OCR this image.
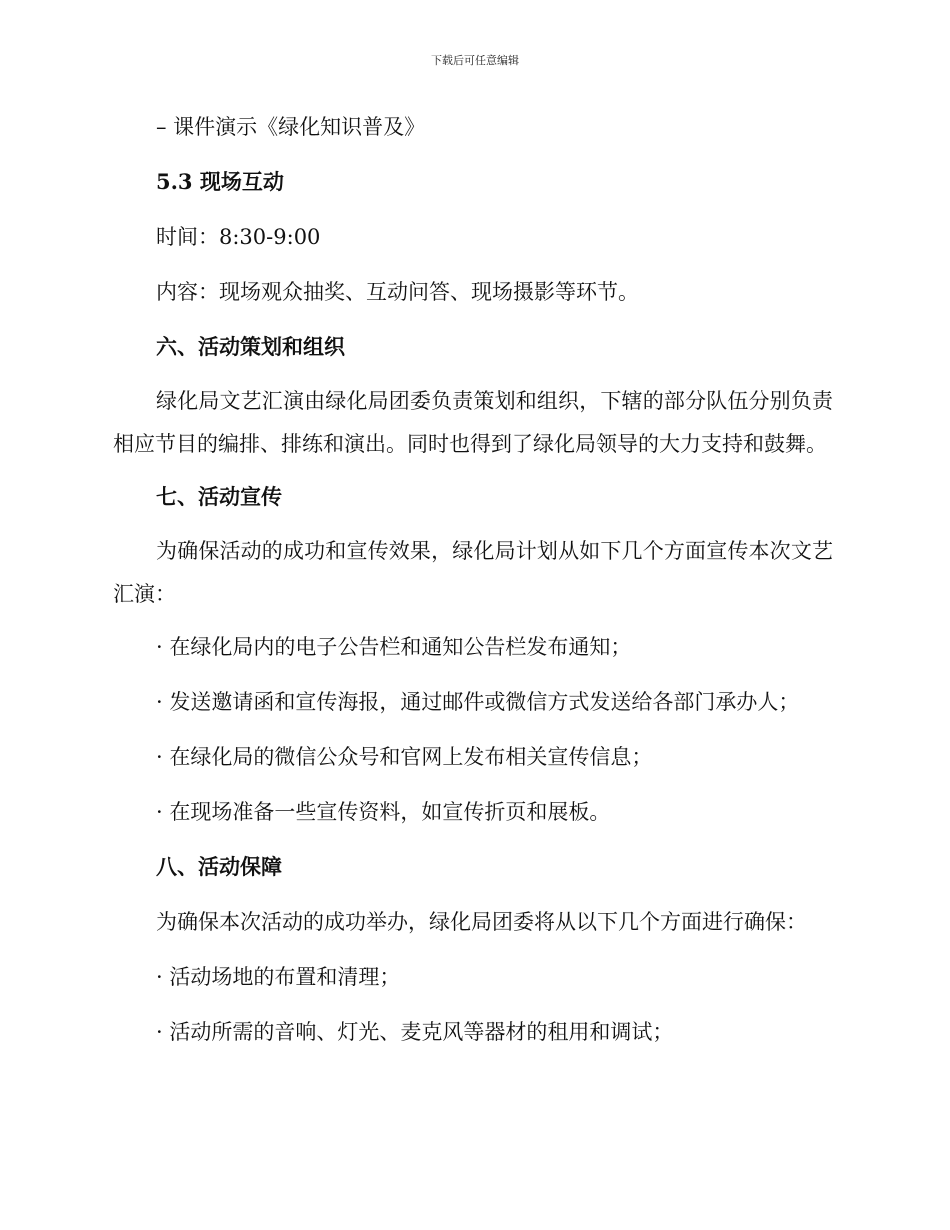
下载后可任意编辑
– 课件演示《绿化知识普及》
5.3 现场互动
时间：8:30-9:00
内容：现场观众抽奖、互动问答、现场摄影等环节。
六、活动策划和组织
绿化局文艺汇演由绿化局团委负责策划和组织，下辖的部分队伍分别负责相应节目的编排、排练和演出。同时也得到了绿化局领导的大力支持和鼓舞。
七、活动宣传
为确保活动的成功和宣传效果，绿化局计划从如下几个方面宣传本次文艺汇演：
· 在绿化局内的电子公告栏和通知公告栏发布通知；
· 发送邀请函和宣传海报，通过邮件或微信方式发送给各部门承办人；
· 在绿化局的微信公众号和官网上发布相关宣传信息；
· 在现场准备一些宣传资料，如宣传折页和展板。
八、活动保障
为确保本次活动的成功举办，绿化局团委将从以下几个方面进行确保：
· 活动场地的布置和清理；
· 活动所需的音响、灯光、麦克风等器材的租用和调试；
